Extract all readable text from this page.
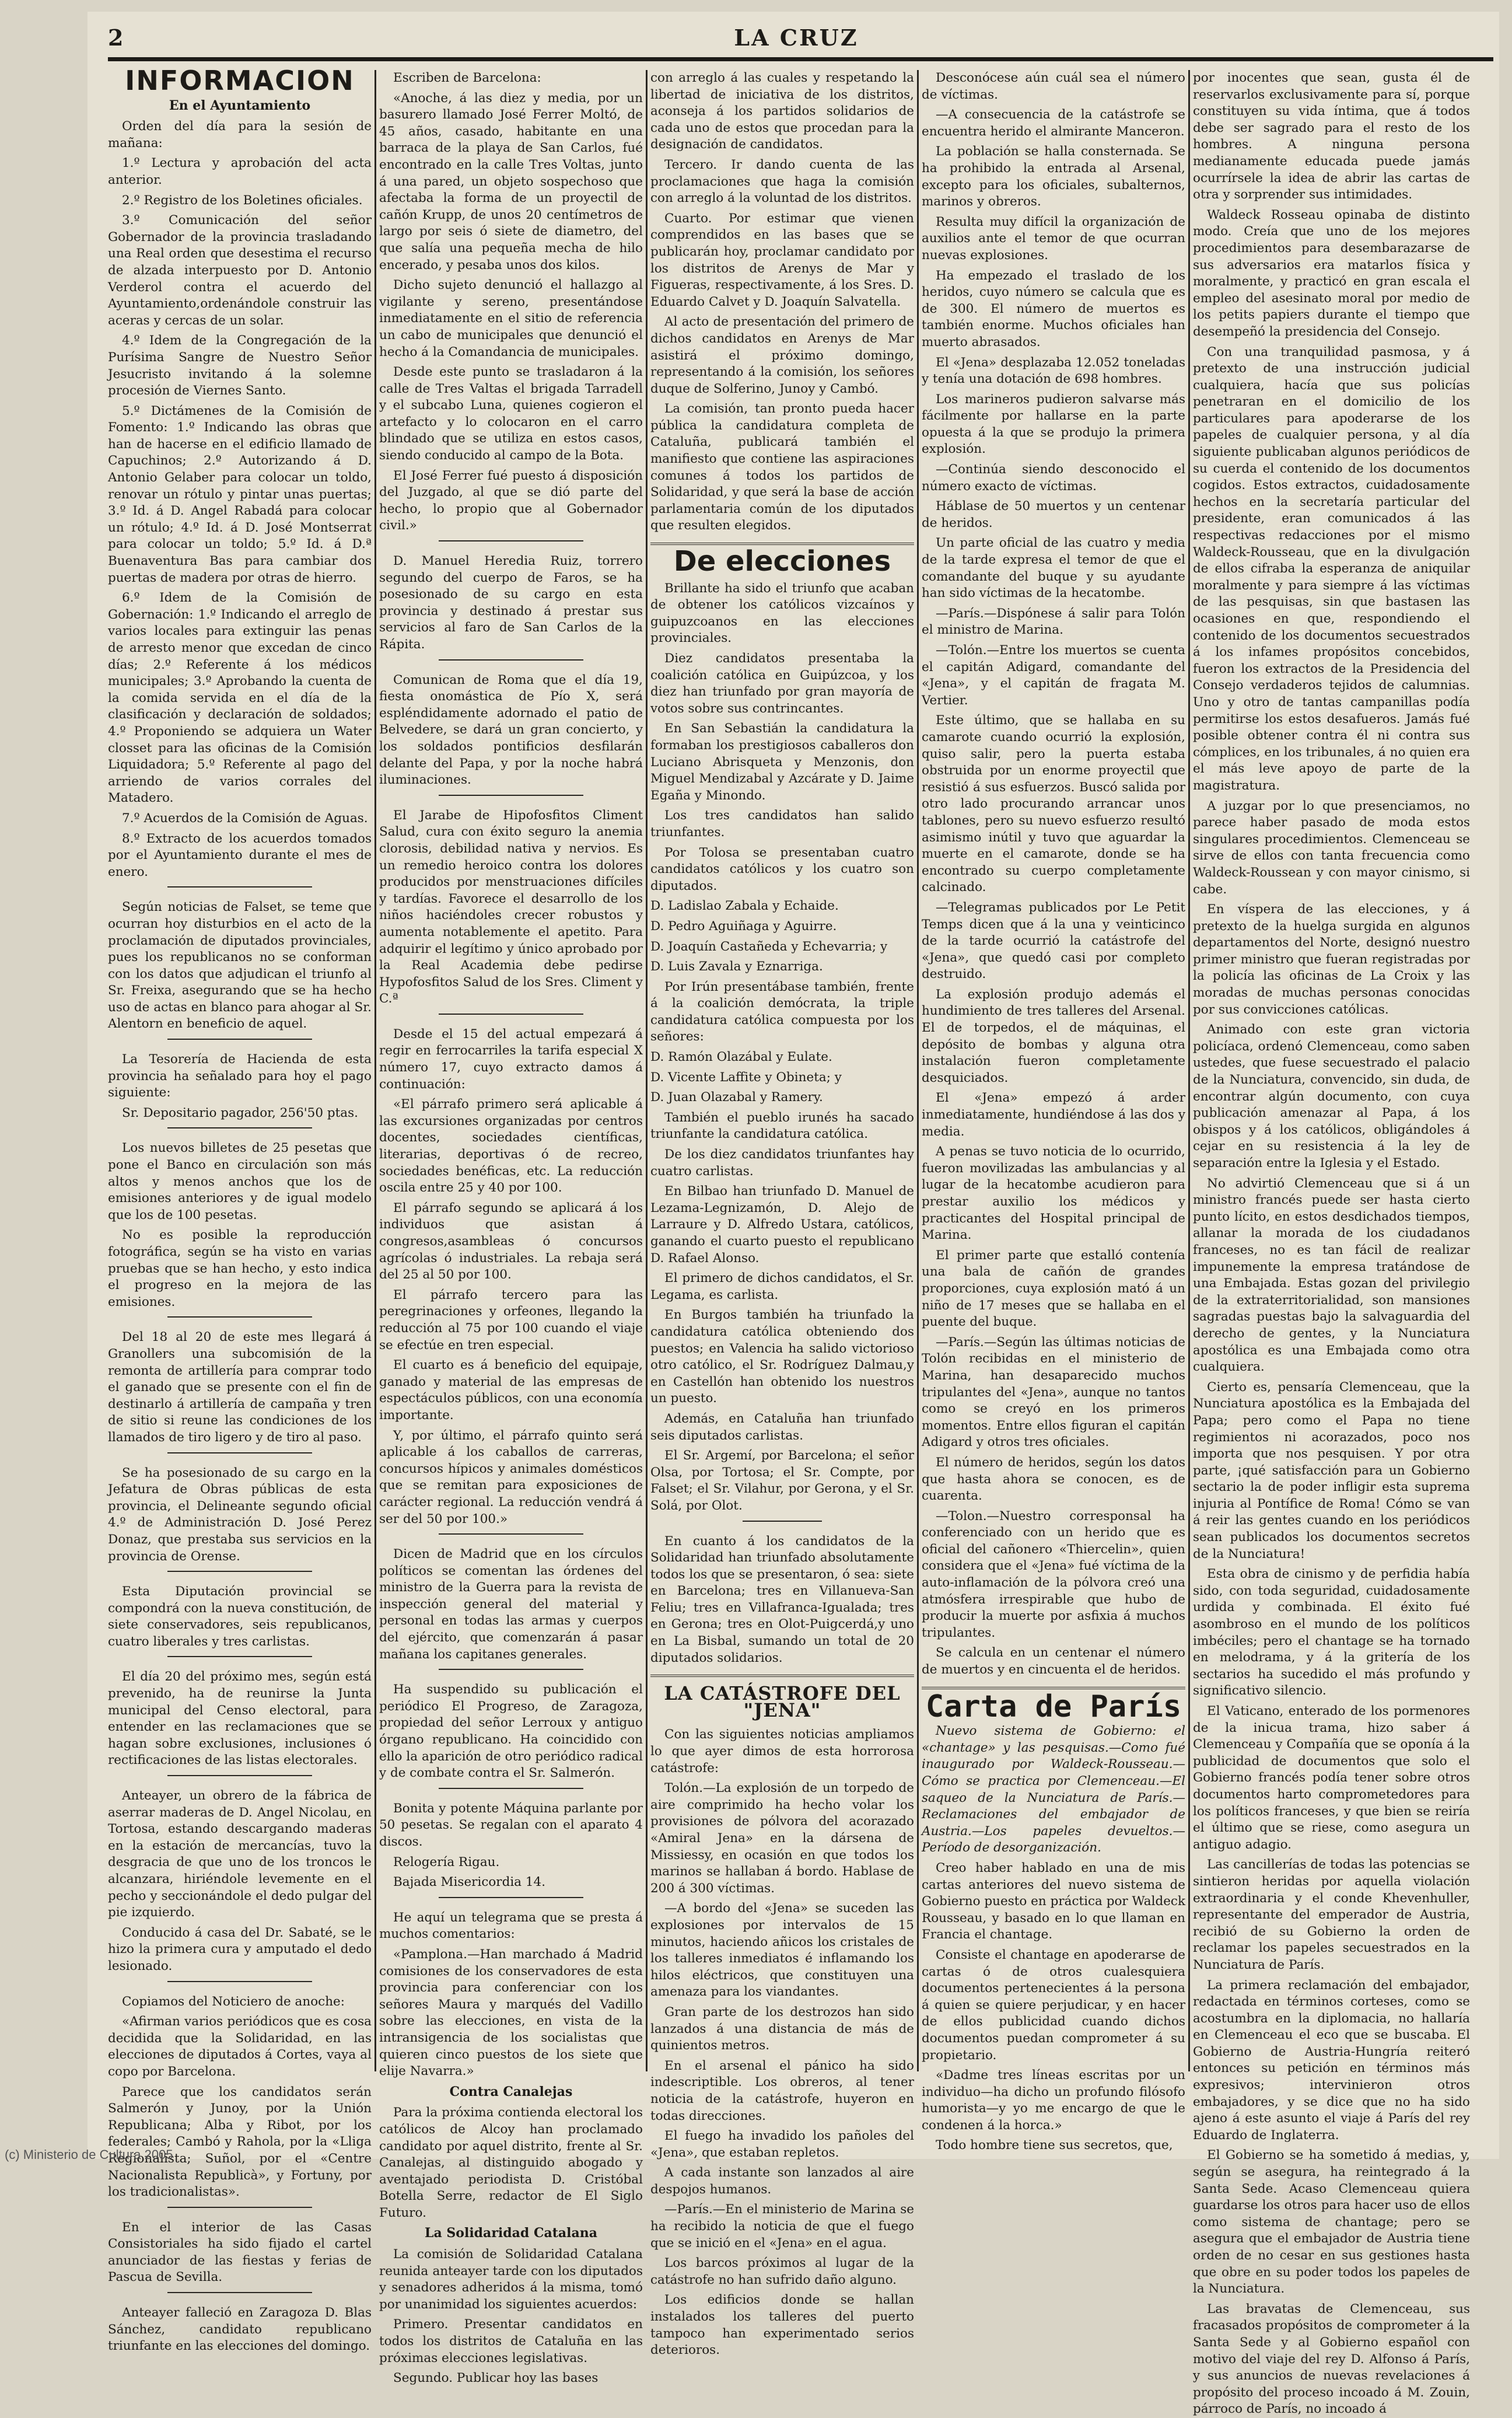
2	LA CRUZ
INFORMACION
En el Ayuntamiento

Orden del día para la sesión de mañana:

1.º Lectura y aprobación del acta anterior.

2.º Registro de los Boletines oficiales.

3.º Comunicación del señor Gobernador de la provincia trasladando una Real orden que desestima el recurso de alzada interpuesto por D. Antonio Verderol contra el acuerdo del Ayuntamiento,ordenándole construir las aceras y cercas de un solar.

4.º Idem de la Congregación de la Purísima Sangre de Nuestro Señor Jesucristo invitando á la solemne procesión de Viernes Santo.

5.º Dictámenes de la Comisión de Fomento: 1.º Indicando las obras que han de hacerse en el edificio llamado de Capuchinos; 2.º Autorizando á D. Antonio Gelaber para colocar un toldo, renovar un rótulo y pintar unas puertas; 3.º Id. á D. Angel Rabadá para colocar un rótulo; 4.º Id. á D. José Montserrat para colocar un toldo; 5.º Id. á D.ª Buenaventura Bas para cambiar dos puertas de madera por otras de hierro.

6.º Idem de la Comisión de Gobernación: 1.º Indicando el arreglo de varios locales para extinguir las penas de arresto menor que excedan de cinco días; 2.º Referente á los médicos municipales; 3.º Aprobando la cuenta de la comida servida en el día de la clasificación y declaración de soldados; 4.º Proponiendo se adquiera un Water closset para las oficinas de la Comisión Liquidadora; 5.º Referente al pago del arriendo de varios corrales del Matadero.

7.º Acuerdos de la Comisión de Aguas.

8.º Extracto de los acuerdos tomados por el Ayuntamiento durante el mes de enero.

Según noticias de Falset, se teme que ocurran hoy disturbios en el acto de la proclamación de diputados provinciales, pues los republicanos no se conforman con los datos que adjudican el triunfo al Sr. Freixa, asegurando que se ha hecho uso de actas en blanco para ahogar al Sr. Alentorn en beneficio de aquel.

La Tesorería de Hacienda de esta provincia ha señalado para hoy el pago siguiente:

Sr. Depositario pagador, 256'50 ptas.

Los nuevos billetes de 25 pesetas que pone el Banco en circulación son más altos y menos anchos que los de emisiones anteriores y de igual modelo que los de 100 pesetas.

No es posible la reproducción fotográfica, según se ha visto en varias pruebas que se han hecho, y esto indica el progreso en la mejora de las emisiones.

Del 18 al 20 de este mes llegará á Granollers una subcomisión de la remonta de artillería para comprar todo el ganado que se presente con el fin de destinarlo á artillería de campaña y tren de sitio si reune las condiciones de los llamados de tiro ligero y de tiro al paso.

Se ha posesionado de su cargo en la Jefatura de Obras públicas de esta provincia, el Delineante segundo oficial 4.º de Administración D. José Perez Donaz, que prestaba sus servicios en la provincia de Orense.

Esta Diputación provincial se compondrá con la nueva constitución, de siete conservadores, seis republicanos, cuatro liberales y tres carlistas.

El día 20 del próximo mes, según está prevenido, ha de reunirse la Junta municipal del Censo electoral, para entender en las reclamaciones que se hagan sobre exclusiones, inclusiones ó rectificaciones de las listas electorales.

Anteayer, un obrero de la fábrica de aserrar maderas de D. Angel Nicolau, en Tortosa, estando descargando maderas en la estación de mercancías, tuvo la desgracia de que uno de los troncos le alcanzara, hiriéndole levemente en el pecho y seccionándole el dedo pulgar del pie izquierdo.

Conducido á casa del Dr. Sabaté, se le hizo la primera cura y amputado el dedo lesionado.

Copiamos del Noticiero de anoche:

«Afirman varios periódicos que es cosa decidida que la Solidaridad, en las elecciones de diputados á Cortes, vaya al copo por Barcelona.

Parece que los candidatos serán Salmerón y Junoy, por la Unión Republicana; Alba y Ribot, por los federales; Cambó y Rahola, por la «Lliga Regionalista; Suñol, por el «Centre Nacionalista Republicà», y Fortuny, por los tradicionalistas».

En el interior de las Casas Consistoriales ha sido fijado el cartel anunciador de las fiestas y ferias de Pascua de Sevilla.

Anteayer falleció en Zaragoza D. Blas Sánchez, candidato republicano triunfante en las elecciones del domingo.

Escriben de Barcelona:

«Anoche, á las diez y media, por un basurero llamado José Ferrer Moltó, de 45 años, casado, habitante en una barraca de la playa de San Carlos, fué encontrado en la calle Tres Voltas, junto á una pared, un objeto sospechoso que afectaba la forma de un proyectil de cañón Krupp, de unos 20 centímetros de largo por seis ó siete de diametro, del que salía una pequeña mecha de hilo encerado, y pesaba unos dos kilos.

Dicho sujeto denunció el hallazgo al vigilante y sereno, presentándose inmediatamente en el sitio de referencia un cabo de municipales que denunció el hecho á la Comandancia de municipales.

Desde este punto se trasladaron á la calle de Tres Valtas el brigada Tarradell y el subcabo Luna, quienes cogieron el artefacto y lo colocaron en el carro blindado que se utiliza en estos casos, siendo conducido al campo de la Bota.

El José Ferrer fué puesto á disposición del Juzgado, al que se dió parte del hecho, lo propio que al Gobernador civil.»

D. Manuel Heredia Ruiz, torrero segundo del cuerpo de Faros, se ha posesionado de su cargo en esta provincia y destinado á prestar sus servicios al faro de San Carlos de la Rápita.

Comunican de Roma que el día 19, fiesta onomástica de Pío X, será espléndidamente adornado el patio de Belvedere, se dará un gran concierto, y los soldados pontificios desfilarán delante del Papa, y por la noche habrá iluminaciones.

El Jarabe de Hipofosfitos Climent Salud, cura con éxito seguro la anemia clorosis, debilidad nativa y nervios. Es un remedio heroico contra los dolores producidos por menstruaciones difíciles y tardías. Favorece el desarrollo de los niños haciéndoles crecer robustos y aumenta notablemente el apetito. Para adquirir el legítimo y único aprobado por la Real Academia debe pedirse Hypofosfitos Salud de los Sres. Climent y C.ª

Desde el 15 del actual empezará á regir en ferrocarriles la tarifa especial X número 17, cuyo extracto damos á continuación:

«El párrafo primero será aplicable á las excursiones organizadas por centros docentes, sociedades científicas, literarias, deportivas ó de recreo, sociedades benéficas, etc. La reducción oscila entre 25 y 40 por 100.

El párrafo segundo se aplicará á los individuos que asistan á congresos,asambleas ó concursos agrícolas ó industriales. La rebaja será del 25 al 50 por 100.

El párrafo tercero para las peregrinaciones y orfeones, llegando la reducción al 75 por 100 cuando el viaje se efectúe en tren especial.

El cuarto es á beneficio del equipaje, ganado y material de las empresas de espectáculos públicos, con una economía importante.

Y, por último, el párrafo quinto será aplicable á los caballos de carreras, concursos hípicos y animales domésticos que se remitan para exposiciones de carácter regional. La reducción vendrá á ser del 50 por 100.»

Dicen de Madrid que en los círculos políticos se comentan las órdenes del ministro de la Guerra para la revista de inspección general del material y personal en todas las armas y cuerpos del ejército, que comenzarán á pasar mañana los capitanes generales.

Ha suspendido su publicación el periódico El Progreso, de Zaragoza, propiedad del señor Lerroux y antiguo órgano republicano. Ha coincidido con ello la aparición de otro periódico radical y de combate contra el Sr. Salmerón.

Bonita y potente Máquina parlante por 50 pesetas. Se regalan con el aparato 4 discos.

Relogería Rigau.

Bajada Misericordia 14.

He aquí un telegrama que se presta á muchos comentarios:

«Pamplona.—Han marchado á Madrid comisiones de los conservadores de esta provincia para conferenciar con los señores Maura y marqués del Vadillo sobre las elecciones, en vista de la intransigencia de los socialistas que quieren cinco puestos de los siete que elije Navarra.»

Contra Canalejas

Para la próxima contienda electoral los católicos de Alcoy han proclamado candidato por aquel distrito, frente al Sr. Canalejas, al distinguido abogado y aventajado periodista D. Cristóbal Botella Serre, redactor de El Siglo Futuro.

La Solidaridad Catalana

La comisión de Solidaridad Catalana reunida anteayer tarde con los diputados y senadores adheridos á la misma, tomó por unanimidad los siguientes acuerdos:

Primero. Presentar candidatos en todos los distritos de Cataluña en las próximas elecciones legislativas.

Segundo. Publicar hoy las bases

con arreglo á las cuales y respetando la libertad de iniciativa de los distritos, aconseja á los partidos solidarios de cada uno de estos que procedan para la designación de candidatos.

Tercero. Ir dando cuenta de las proclamaciones que haga la comisión con arreglo á la voluntad de los distritos.

Cuarto. Por estimar que vienen comprendidos en las bases que se publicarán hoy, proclamar candidato por los distritos de Arenys de Mar y Figueras, respectivamente, á los Sres. D. Eduardo Calvet y D. Joaquín Salvatella.

Al acto de presentación del primero de dichos candidatos en Arenys de Mar asistirá el próximo domingo, representando á la comisión, los señores duque de Solferino, Junoy y Cambó.

La comisión, tan pronto pueda hacer pública la candidatura completa de Cataluña, publicará también el manifiesto que contiene las aspiraciones comunes á todos los partidos de Solidaridad, y que será la base de acción parlamentaria común de los diputados que resulten elegidos.

De elecciones

Brillante ha sido el triunfo que acaban de obtener los católicos vizcaínos y guipuzcoanos en las elecciones provinciales.

Diez candidatos presentaba la coalición católica en Guipúzcoa, y los diez han triunfado por gran mayoría de votos sobre sus contrincantes.

En San Sebastián la candidatura la formaban los prestigiosos caballeros don Luciano Abrisqueta y Menzonis, don Miguel Mendizabal y Azcárate y D. Jaime Egaña y Minondo.

Los tres candidatos han salido triunfantes.

Por Tolosa se presentaban cuatro candidatos católicos y los cuatro son diputados.

D. Ladislao Zabala y Echaide.

D. Pedro Aguiñaga y Aguirre.

D. Joaquín Castañeda y Echevarria; y

D. Luis Zavala y Eznarriga.

Por Irún presentábase también, frente á la coalición demócrata, la triple candidatura católica compuesta por los señores:

D. Ramón Olazábal y Eulate.

D. Vicente Laffite y Obineta; y

D. Juan Olazabal y Ramery.

También el pueblo irunés ha sacado triunfante la candidatura católica.

De los diez candidatos triunfantes hay cuatro carlistas.

En Bilbao han triunfado D. Manuel de Lezama-Legnizamón, D. Alejo de Larraure y D. Alfredo Ustara, católicos, ganando el cuarto puesto el republicano D. Rafael Alonso.

El primero de dichos candidatos, el Sr. Legama, es carlista.

En Burgos también ha triunfado la candidatura católica obteniendo dos puestos; en Valencia ha salido victorioso otro católico, el Sr. Rodríguez Dalmau,y en Castellón han obtenido los nuestros un puesto.

Además, en Cataluña han triunfado seis diputados carlistas.

El Sr. Argemí, por Barcelona; el señor Olsa, por Tortosa; el Sr. Compte, por Falset; el Sr. Vilahur, por Gerona, y el Sr. Solá, por Olot.

En cuanto á los candidatos de la Solidaridad han triunfado absolutamente todos los que se presentaron, ó sea: siete en Barcelona; tres en Villanueva-San Feliu; tres en Villafranca-Igualada; tres en Gerona; tres en Olot-Puigcerdá,y uno en La Bisbal, sumando un total de 20 diputados solidarios.

LA CATÁSTROFE DEL "JENA"

Con las siguientes noticias ampliamos lo que ayer dimos de esta horrorosa catástrofe:

Tolón.—La explosión de un torpedo de aire comprimido ha hecho volar los provisiones de pólvora del acorazado «Amiral Jena» en la dársena de Missiessy, en ocasión en que todos los marinos se hallaban á bordo. Hablase de 200 á 300 víctimas.

—A bordo del «Jena» se suceden las explosiones por intervalos de 15 minutos, haciendo añicos los cristales de los talleres inmediatos é inflamando los hilos eléctricos, que constituyen una amenaza para los viandantes.

Gran parte de los destrozos han sido lanzados á una distancia de más de quinientos metros.

En el arsenal el pánico ha sido indescriptible. Los obreros, al tener noticia de la catástrofe, huyeron en todas direcciones.

El fuego ha invadido los pañoles del «Jena», que estaban repletos.

A cada instante son lanzados al aire despojos humanos.

—París.—En el ministerio de Marina se ha recibido la noticia de que el fuego que se inició en el «Jena» en el agua.

Los barcos próximos al lugar de la catástrofe no han sufrido daño alguno.

Los edificios donde se hallan instalados los talleres del puerto tampoco han experimentado serios deterioros.

Desconócese aún cuál sea el número de víctimas.

—A consecuencia de la catástrofe se encuentra herido el almirante Manceron.

La población se halla consternada. Se ha prohibido la entrada al Arsenal, excepto para los oficiales, subalternos, marinos y obreros.

Resulta muy difícil la organización de auxilios ante el temor de que ocurran nuevas explosiones.

Ha empezado el traslado de los heridos, cuyo número se calcula que es de 300. El número de muertos es también enorme. Muchos oficiales han muerto abrasados.

El «Jena» desplazaba 12.052 toneladas y tenía una dotación de 698 hombres.

Los marineros pudieron salvarse más fácilmente por hallarse en la parte opuesta á la que se produjo la primera explosión.

—Continúa siendo desconocido el número exacto de víctimas.

Háblase de 50 muertos y un centenar de heridos.

Un parte oficial de las cuatro y media de la tarde expresa el temor de que el comandante del buque y su ayudante han sido víctimas de la hecatombe.

—París.—Dispónese á salir para Tolón el ministro de Marina.

—Tolón.—Entre los muertos se cuenta el capitán Adigard, comandante del «Jena», y el capitán de fragata M. Vertier.

Este último, que se hallaba en su camarote cuando ocurrió la explosión, quiso salir, pero la puerta estaba obstruida por un enorme proyectil que resistió á sus esfuerzos. Buscó salida por otro lado procurando arrancar unos tablones, pero su nuevo esfuerzo resultó asimismo inútil y tuvo que aguardar la muerte en el camarote, donde se ha encontrado su cuerpo completamente calcinado.

—Telegramas publicados por Le Petit Temps dicen que á la una y veinticinco de la tarde ocurrió la catástrofe del «Jena», que quedó casi por completo destruido.

La explosión produjo además el hundimiento de tres talleres del Arsenal. El de torpedos, el de máquinas, el depósito de bombas y alguna otra instalación fueron completamente desquiciados.

El «Jena» empezó á arder inmediatamente, hundiéndose á las dos y media.

A penas se tuvo noticia de lo ocurrido, fueron movilizadas las ambulancias y al lugar de la hecatombe acudieron para prestar auxilio los médicos y practicantes del Hospital principal de Marina.

El primer parte que estalló contenía una bala de cañón de grandes proporciones, cuya explosión mató á un niño de 17 meses que se hallaba en el puente del buque.

—París.—Según las últimas noticias de Tolón recibidas en el ministerio de Marina, han desaparecido muchos tripulantes del «Jena», aunque no tantos como se creyó en los primeros momentos. Entre ellos figuran el capitán Adigard y otros tres oficiales.

El número de heridos, según los datos que hasta ahora se conocen, es de cuarenta.

—Tolon.—Nuestro corresponsal ha conferenciado con un herido que es oficial del cañonero «Thiercelin», quien considera que el «Jena» fué víctima de la auto-inflamación de la pólvora creó una atmósfera irrespirable que hubo de producir la muerte por asfixia á muchos tripulantes.

Se calcula en un centenar el número de muertos y en cincuenta el de heridos.

Carta de París

Nuevo sistema de Gobierno: el «chantage» y las pesquisas.—Como fué inaugurado por Waldeck-Rousseau.—Cómo se practica por Clemenceau.—El saqueo de la Nunciatura de París.—Reclamaciones del embajador de Austria.—Los papeles devueltos.—Período de desorganización.

Creo haber hablado en una de mis cartas anteriores del nuevo sistema de Gobierno puesto en práctica por Waldeck Rousseau, y basado en lo que llaman en Francia el chantage.

Consiste el chantage en apoderarse de cartas ó de otros cualesquiera documentos pertenecientes á la persona á quien se quiere perjudicar, y en hacer de ellos publicidad cuando dichos documentos puedan comprometer á su propietario.

«Dadme tres líneas escritas por un individuo—ha dicho un profundo filósofo humorista—y yo me encargo de que le condenen á la horca.»

Todo hombre tiene sus secretos, que,

por inocentes que sean, gusta él de reservarlos exclusivamente para sí, porque constituyen su vida íntima, que á todos debe ser sagrado para el resto de los hombres. A ninguna persona medianamente educada puede jamás ocurrírsele la idea de abrir las cartas de otra y sorprender sus intimidades.

Waldeck Rosseau opinaba de distinto modo. Creía que uno de los mejores procedimientos para desembarazarse de sus adversarios era matarlos física y moralmente, y practicó en gran escala el empleo del asesinato moral por medio de los petits papiers durante el tiempo que desempeñó la presidencia del Consejo.

Con una tranquilidad pasmosa, y á pretexto de una instrucción judicial cualquiera, hacía que sus policías penetraran en el domicilio de los particulares para apoderarse de los papeles de cualquier persona, y al día siguiente publicaban algunos periódicos de su cuerda el contenido de los documentos cogidos. Estos extractos, cuidadosamente hechos en la secretaría particular del presidente, eran comunicados á las respectivas redacciones por el mismo Waldeck-Rousseau, que en la divulgación de ellos cifraba la esperanza de aniquilar moralmente y para siempre á las víctimas de las pesquisas, sin que bastasen las ocasiones en que, respondiendo el contenido de los documentos secuestrados á los infames propósitos concebidos, fueron los extractos de la Presidencia del Consejo verdaderos tejidos de calumnias. Uno y otro de tantas campanillas podía permitirse los estos desafueros. Jamás fué posible obtener contra él ni contra sus cómplices, en los tribunales, á no quien era el más leve apoyo de parte de la magistratura.

A juzgar por lo que presenciamos, no parece haber pasado de moda estos singulares procedimientos. Clemenceau se sirve de ellos con tanta frecuencia como Waldeck-Roussean y con mayor cinismo, si cabe.

En víspera de las elecciones, y á pretexto de la huelga surgida en algunos departamentos del Norte, designó nuestro primer ministro que fueran registradas por la policía las oficinas de La Croix y las moradas de muchas personas conocidas por sus convicciones católicas.

Animado con este gran victoria policíaca, ordenó Clemenceau, como saben ustedes, que fuese secuestrado el palacio de la Nunciatura, convencido, sin duda, de encontrar algún documento, con cuya publicación amenazar al Papa, á los obispos y á los católicos, obligándoles á cejar en su resistencia á la ley de separación entre la Iglesia y el Estado.

No advirtió Clemenceau que si á un ministro francés puede ser hasta cierto punto lícito, en estos desdichados tiempos, allanar la morada de los ciudadanos franceses, no es tan fácil de realizar impunemente la empresa tratándose de una Embajada. Estas gozan del privilegio de la extraterritorialidad, son mansiones sagradas puestas bajo la salvaguardia del derecho de gentes, y la Nunciatura apostólica es una Embajada como otra cualquiera.

Cierto es, pensaría Clemenceau, que la Nunciatura apostólica es la Embajada del Papa; pero como el Papa no tiene regimientos ni acorazados, poco nos importa que nos pesquisen. Y por otra parte, ¡qué satisfacción para un Gobierno sectario la de poder infligir esta suprema injuria al Pontífice de Roma! Cómo se van á reir las gentes cuando en los periódicos sean publicados los documentos secretos de la Nunciatura!

Esta obra de cinismo y de perfidia había sido, con toda seguridad, cuidadosamente urdida y combinada. El éxito fué asombroso en el mundo de los políticos imbéciles; pero el chantage se ha tornado en melodrama, y á la gritería de los sectarios ha sucedido el más profundo y significativo silencio.

El Vaticano, enterado de los pormenores de la inicua trama, hizo saber á Clemenceau y Compañía que se oponía á la publicidad de documentos que solo el Gobierno francés podía tener sobre otros documentos harto comprometedores para los políticos franceses, y que bien se reiría el último que se riese, como asegura un antiguo adagio.

Las cancillerías de todas las potencias se sintieron heridas por aquella violación extraordinaria y el conde Khevenhuller, representante del emperador de Austria, recibió de su Gobierno la orden de reclamar los papeles secuestrados en la Nunciatura de París.

La primera reclamación del embajador, redactada en términos corteses, como se acostumbra en la diplomacia, no hallaría en Clemenceau el eco que se buscaba. El Gobierno de Austria-Hungría reiteró entonces su petición en términos más expresivos; intervinieron otros embajadores, y se dice que no ha sido ajeno á este asunto el viaje á París del rey Eduardo de Inglaterra.

El Gobierno se ha sometido á medias, y, según se asegura, ha reintegrado á la Santa Sede. Acaso Clemenceau quiera guardarse los otros para hacer uso de ellos como sistema de chantage; pero se asegura que el embajador de Austria tiene orden de no cesar en sus gestiones hasta que obre en su poder todos los papeles de la Nunciatura.

Las bravatas de Clemenceau, sus fracasados propósitos de comprometer á la Santa Sede y al Gobierno español con motivo del viaje del rey D. Alfonso á París, y sus anuncios de nuevas revelaciones á propósito del proceso incoado á M. Zouin, párroco de París, no incoado á

(c) Ministerio de Cultura 2005
